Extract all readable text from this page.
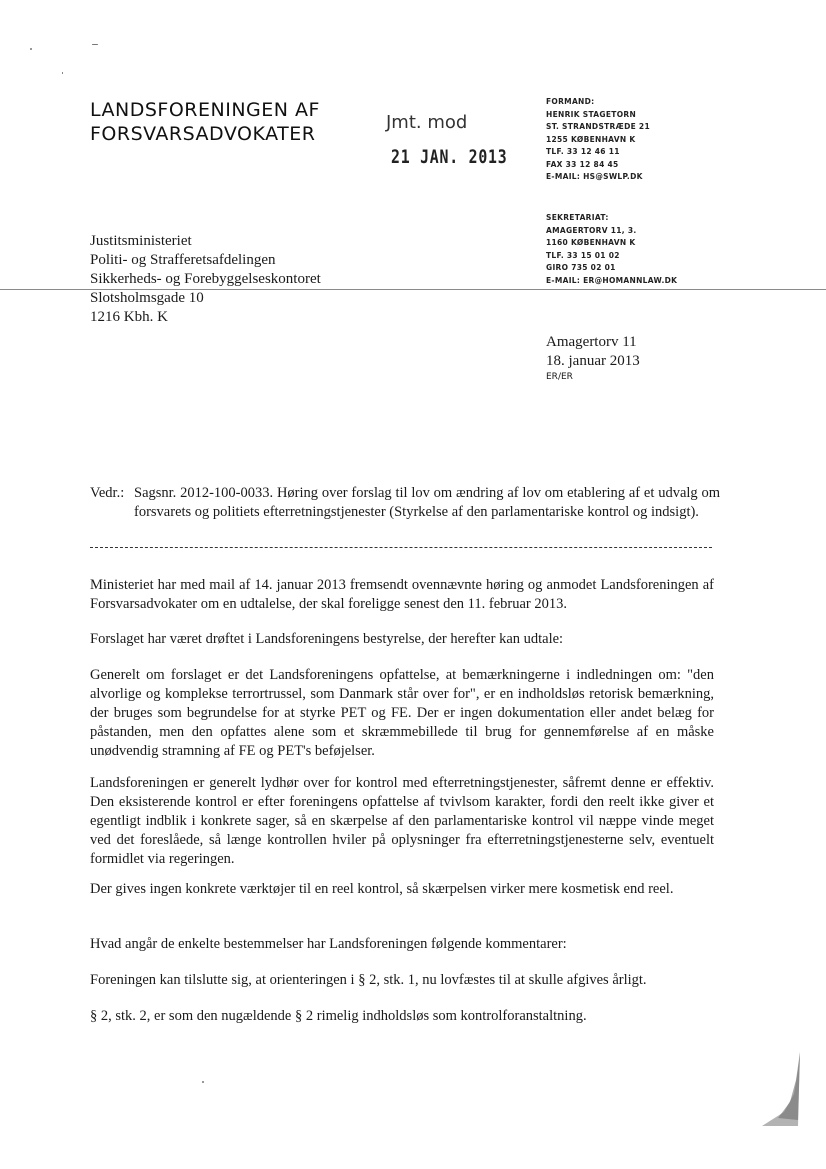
LANDSFORENINGEN AF
FORSVARSADVOKATER
Jmt. mod
21 JAN. 2013
FORMAND:
HENRIK STAGETORN
ST. STRANDSTRÆDE 21
1255 KØBENHAVN K
TLF. 33 12 46 11
FAX 33 12 84 45
E-MAIL: HS@SWLP.DK
SEKRETARIAT:
AMAGERTORV 11, 3.
1160 KØBENHAVN K
TLF. 33 15 01 02
GIRO 735 02 01
E-MAIL: ER@HOMANNLAW.DK
Justitsministeriet
Politi- og Strafferetsafdelingen
Sikkerheds- og Forebyggelseskontoret
Slotsholmsgade 10
1216 Kbh. K
Amagertorv 11
18. januar 2013
ER/ER
Vedr.: Sagsnr. 2012-100-0033. Høring over forslag til lov om ændring af lov om etablering af et udvalg om forsvarets og politiets efterretningstjenester (Styrkelse af den parlamentariske kontrol og indsigt).

Ministeriet har med mail af 14. januar 2013 fremsendt ovennævnte høring og anmodet Landsforeningen af Forsvarsadvokater om en udtalelse, der skal foreligge senest den 11. februar 2013.

Forslaget har været drøftet i Landsforeningens bestyrelse, der herefter kan udtale:

Generelt om forslaget er det Landsforeningens opfattelse, at bemærkningerne i indledningen om: "den alvorlige og komplekse terrortrussel, som Danmark står over for", er en indholdsløs retorisk bemærkning, der bruges som begrundelse for at styrke PET og FE. Der er ingen dokumentation eller andet belæg for påstanden, men den opfattes alene som et skræmmebillede til brug for gennemførelse af en måske unødvendig stramning af FE og PET's beføjelser.

Landsforeningen er generelt lydhør over for kontrol med efterretningstjenester, såfremt denne er effektiv. Den eksisterende kontrol er efter foreningens opfattelse af tvivlsom karakter, fordi den reelt ikke giver et egentligt indblik i konkrete sager, så en skærpelse af den parlamentariske kontrol vil næppe vinde meget ved det foreslåede, så længe kontrollen hviler på oplysninger fra efterretningstjenesterne selv, eventuelt formidlet via regeringen.

Der gives ingen konkrete værktøjer til en reel kontrol, så skærpelsen virker mere kosmetisk end reel.

Hvad angår de enkelte bestemmelser har Landsforeningen følgende kommentarer:

Foreningen kan tilslutte sig, at orienteringen i § 2, stk. 1, nu lovfæstes til at skulle afgives årligt.

§ 2, stk. 2, er som den nugældende § 2 rimelig indholdsløs som kontrolforanstaltning.
